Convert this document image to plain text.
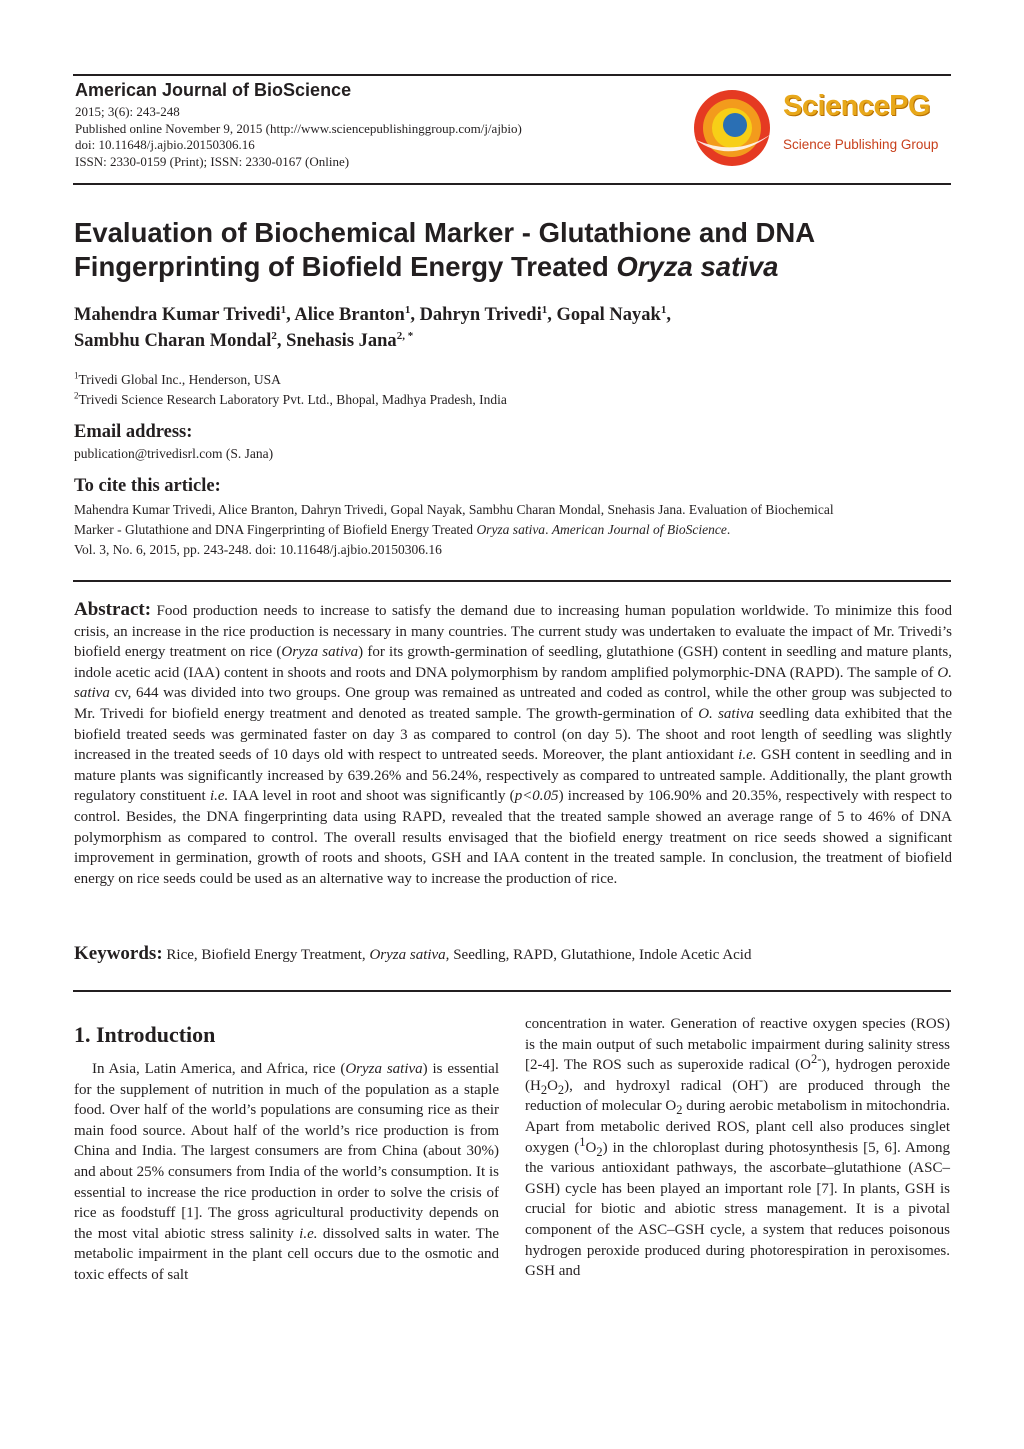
American Journal of BioScience
2015; 3(6): 243-248
Published online November 9, 2015 (http://www.sciencepublishinggroup.com/j/ajbio)
doi: 10.11648/j.ajbio.20150306.16
ISSN: 2330-0159 (Print); ISSN: 2330-0167 (Online)
SciencePG
Science Publishing Group
Evaluation of Biochemical Marker - Glutathione and DNA
Fingerprinting of Biofield Energy Treated Oryza sativa
Mahendra Kumar Trivedi$^1$, Alice Branton$^1$, Dahryn Trivedi$^1$, Gopal Nayak$^1$,
Sambhu Charan Mondal$^2$, Snehasis Jana$^{2, *}$
$^1$Trivedi Global Inc., Henderson, USA
$^2$Trivedi Science Research Laboratory Pvt. Ltd., Bhopal, Madhya Pradesh, India
Email address:
publication@trivedisrl.com (S. Jana)
To cite this article:
Mahendra Kumar Trivedi, Alice Branton, Dahryn Trivedi, Gopal Nayak, Sambhu Charan Mondal, Snehasis Jana. Evaluation of Biochemical
Marker - Glutathione and DNA Fingerprinting of Biofield Energy Treated Oryza sativa. American Journal of BioScience.
Vol. 3, No. 6, 2015, pp. 243-248. doi: 10.11648/j.ajbio.20150306.16
Abstract: Food production needs to increase to satisfy the demand due to increasing human population worldwide. To minimize this food crisis, an increase in the rice production is necessary in many countries. The current study was undertaken to evaluate the impact of Mr. Trivedi’s biofield energy treatment on rice (Oryza sativa) for its growth-germination of seedling, glutathione (GSH) content in seedling and mature plants, indole acetic acid (IAA) content in shoots and roots and DNA polymorphism by random amplified polymorphic-DNA (RAPD). The sample of O. sativa cv, 644 was divided into two groups. One group was remained as untreated and coded as control, while the other group was subjected to Mr. Trivedi for biofield energy treatment and denoted as treated sample. The growth-germination of O. sativa seedling data exhibited that the biofield treated seeds was germinated faster on day 3 as compared to control (on day 5). The shoot and root length of seedling was slightly increased in the treated seeds of 10 days old with respect to untreated seeds. Moreover, the plant antioxidant i.e. GSH content in seedling and in mature plants was significantly increased by 639.26% and 56.24%, respectively as compared to untreated sample. Additionally, the plant growth regulatory constituent i.e. IAA level in root and shoot was significantly (p<0.05) increased by 106.90% and 20.35%, respectively with respect to control. Besides, the DNA fingerprinting data using RAPD, revealed that the treated sample showed an average range of 5 to 46% of DNA polymorphism as compared to control. The overall results envisaged that the biofield energy treatment on rice seeds showed a significant improvement in germination, growth of roots and shoots, GSH and IAA content in the treated sample. In conclusion, the treatment of biofield energy on rice seeds could be used as an alternative way to increase the production of rice.
Keywords: Rice, Biofield Energy Treatment, Oryza sativa, Seedling, RAPD, Glutathione, Indole Acetic Acid
1. Introduction
In Asia, Latin America, and Africa, rice (Oryza sativa) is essential for the supplement of nutrition in much of the population as a staple food. Over half of the world’s populations are consuming rice as their main food source. About half of the world’s rice production is from China and India. The largest consumers are from China (about 30%) and about 25% consumers from India of the world’s consumption. It is essential to increase the rice production in order to solve the crisis of rice as foodstuff [1]. The gross agricultural productivity depends on the most vital abiotic stress salinity i.e. dissolved salts in water. The metabolic impairment in the plant cell occurs due to the osmotic and toxic effects of salt
concentration in water. Generation of reactive oxygen species (ROS) is the main output of such metabolic impairment during salinity stress [2-4]. The ROS such as superoxide radical $(O^{2-})$, hydrogen peroxide $(H_2O_2)$, and hydroxyl radical (OH-) are produced through the reduction of molecular $O_2$ during aerobic metabolism in mitochondria. Apart from metabolic derived ROS, plant cell also produces singlet oxygen $(^1O_2)$ in the chloroplast during photosynthesis [5, 6]. Among the various antioxidant pathways, the ascorbate–glutathione (ASC–GSH) cycle has been played an important role [7]. In plants, GSH is crucial for biotic and abiotic stress management. It is a pivotal component of the ASC–GSH cycle, a system that reduces poisonous hydrogen peroxide produced during photorespiration in peroxisomes. GSH and
